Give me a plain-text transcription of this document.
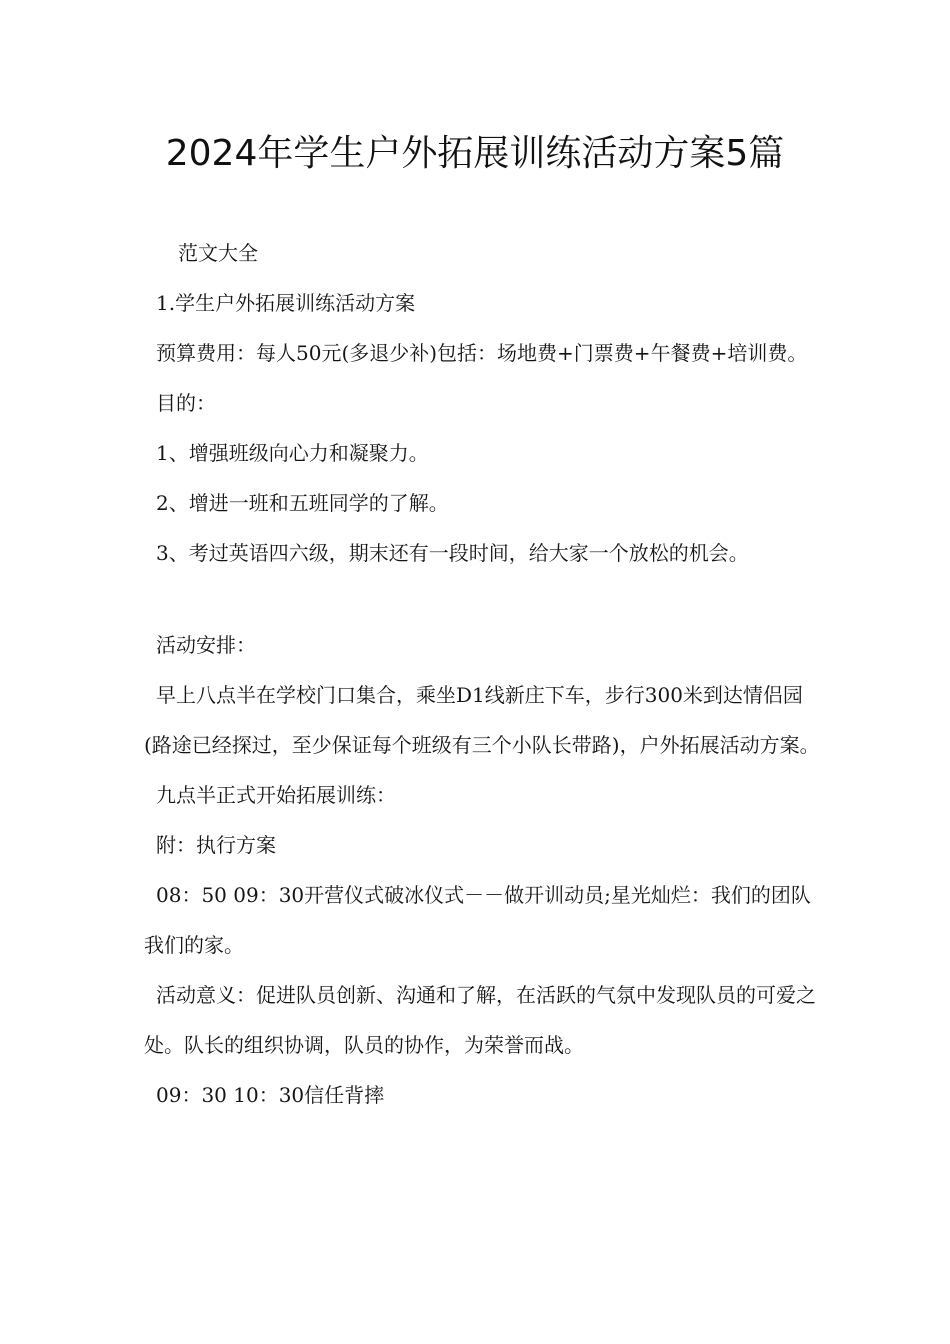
2024年学生户外拓展训练活动方案5篇

范文大全

1.学生户外拓展训练活动方案

预算费用：每人50元(多退少补)包括：场地费+门票费+午餐费+培训费。

目的：

1、增强班级向心力和凝聚力。

2、增进一班和五班同学的了解。

3、考过英语四六级，期末还有一段时间，给大家一个放松的机会。

活动安排：

早上八点半在学校门口集合，乘坐D1线新庄下车，步行300米到达情侣园(路途已经探过，至少保证每个班级有三个小队长带路)，户外拓展活动方案。

九点半正式开始拓展训练：

附：执行方案

08：50 09：30开营仪式破冰仪式－－做开训动员;星光灿烂：我们的团队我们的家。

活动意义：促进队员创新、沟通和了解，在活跃的气氛中发现队员的可爱之处。队长的组织协调，队员的协作，为荣誉而战。

09：30 10：30信任背摔
